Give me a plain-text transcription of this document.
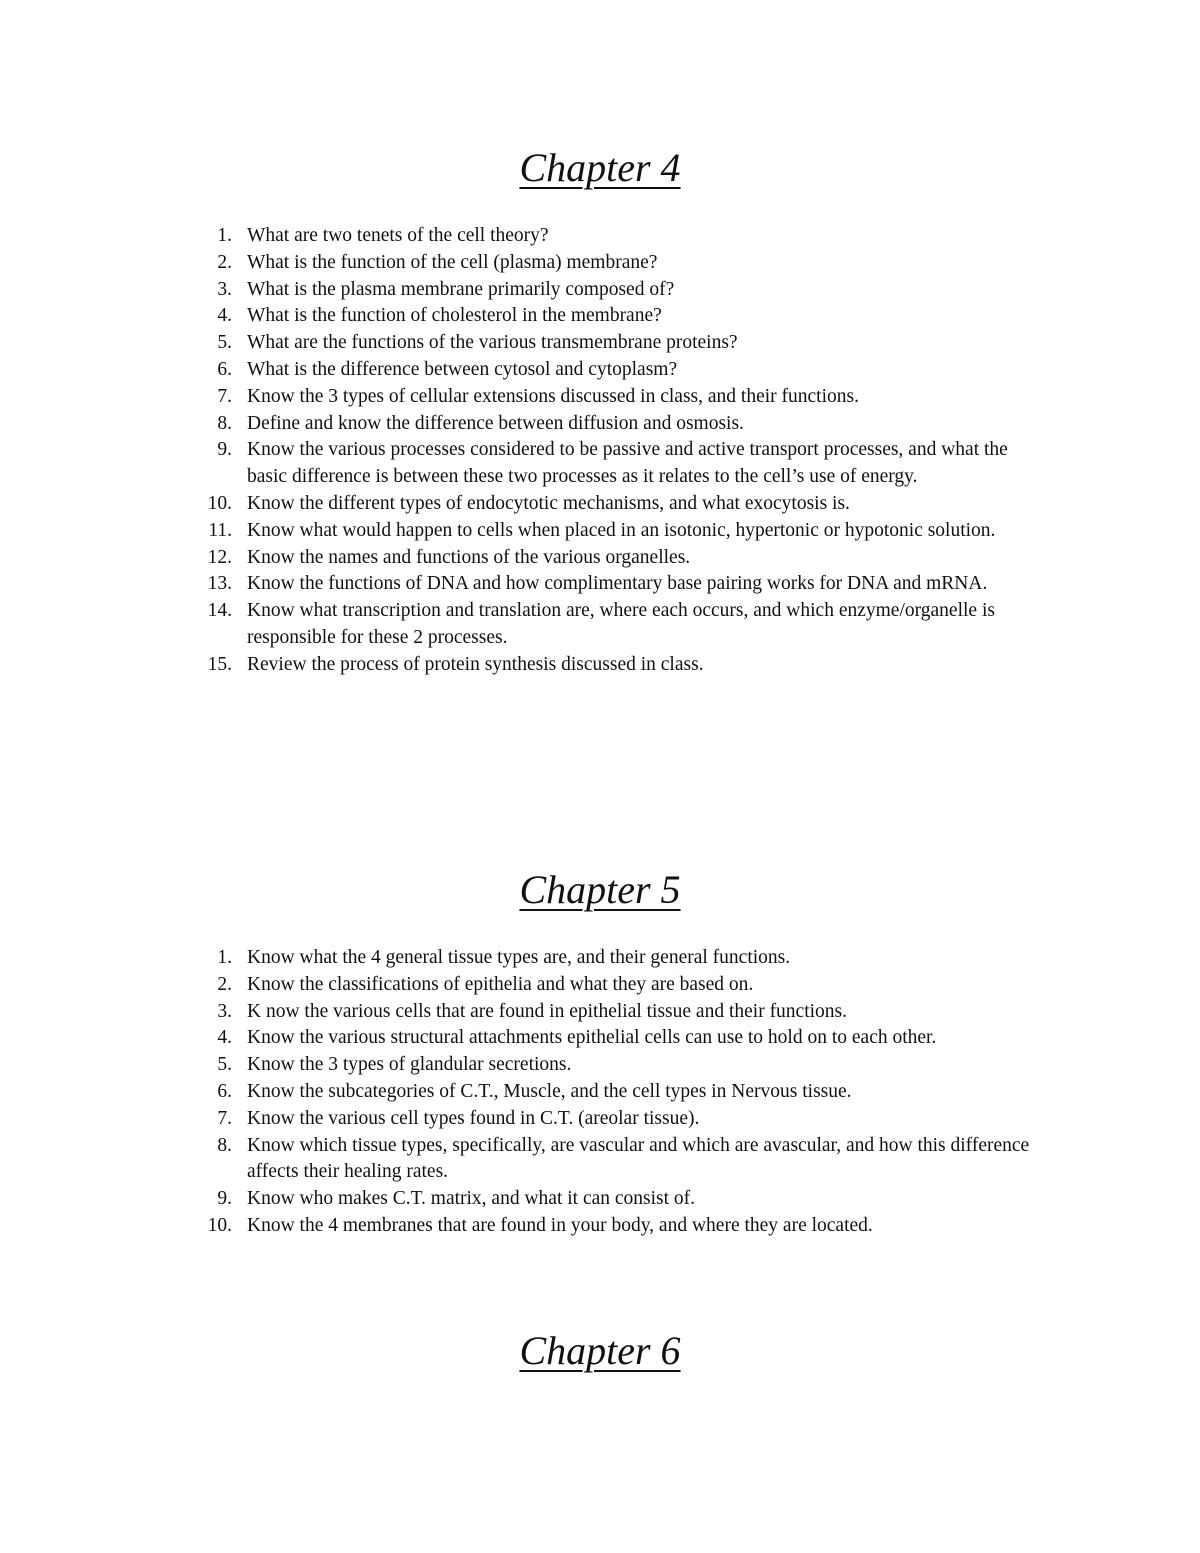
Chapter 4
1. What are two tenets of the cell theory?
2. What is the function of the cell (plasma) membrane?
3. What is the plasma membrane primarily composed of?
4. What is the function of cholesterol in the membrane?
5. What are the functions of the various transmembrane proteins?
6. What is the difference between cytosol and cytoplasm?
7. Know the 3 types of cellular extensions discussed in class, and their functions.
8. Define and know the difference between diffusion and osmosis.
9. Know the various processes considered to be passive and active transport processes, and what the basic difference is between these two processes as it relates to the cell’s use of energy.
10. Know the different types of endocytotic mechanisms, and what exocytosis is.
11. Know what would happen to cells when placed in an isotonic, hypertonic or hypotonic solution.
12. Know the names and functions of the various organelles.
13. Know the functions of DNA and how complimentary base pairing works for DNA and mRNA.
14. Know what transcription and translation are, where each occurs, and which enzyme/organelle is responsible for these 2 processes.
15. Review the process of protein synthesis discussed in class.
Chapter 5
1. Know what the 4 general tissue types are, and their general functions.
2. Know the classifications of epithelia and what they are based on.
3. K now the various cells that are found in epithelial tissue and their functions.
4. Know the various structural attachments epithelial cells can use to hold on to each other.
5. Know the 3 types of glandular secretions.
6. Know the subcategories of C.T., Muscle, and the cell types in Nervous tissue.
7. Know the various cell types found in C.T. (areolar tissue).
8. Know which tissue types, specifically, are vascular and which are avascular, and how this difference affects their healing rates.
9. Know who makes C.T. matrix, and what it can consist of.
10. Know the 4 membranes that are found in your body, and where they are located.
Chapter 6
